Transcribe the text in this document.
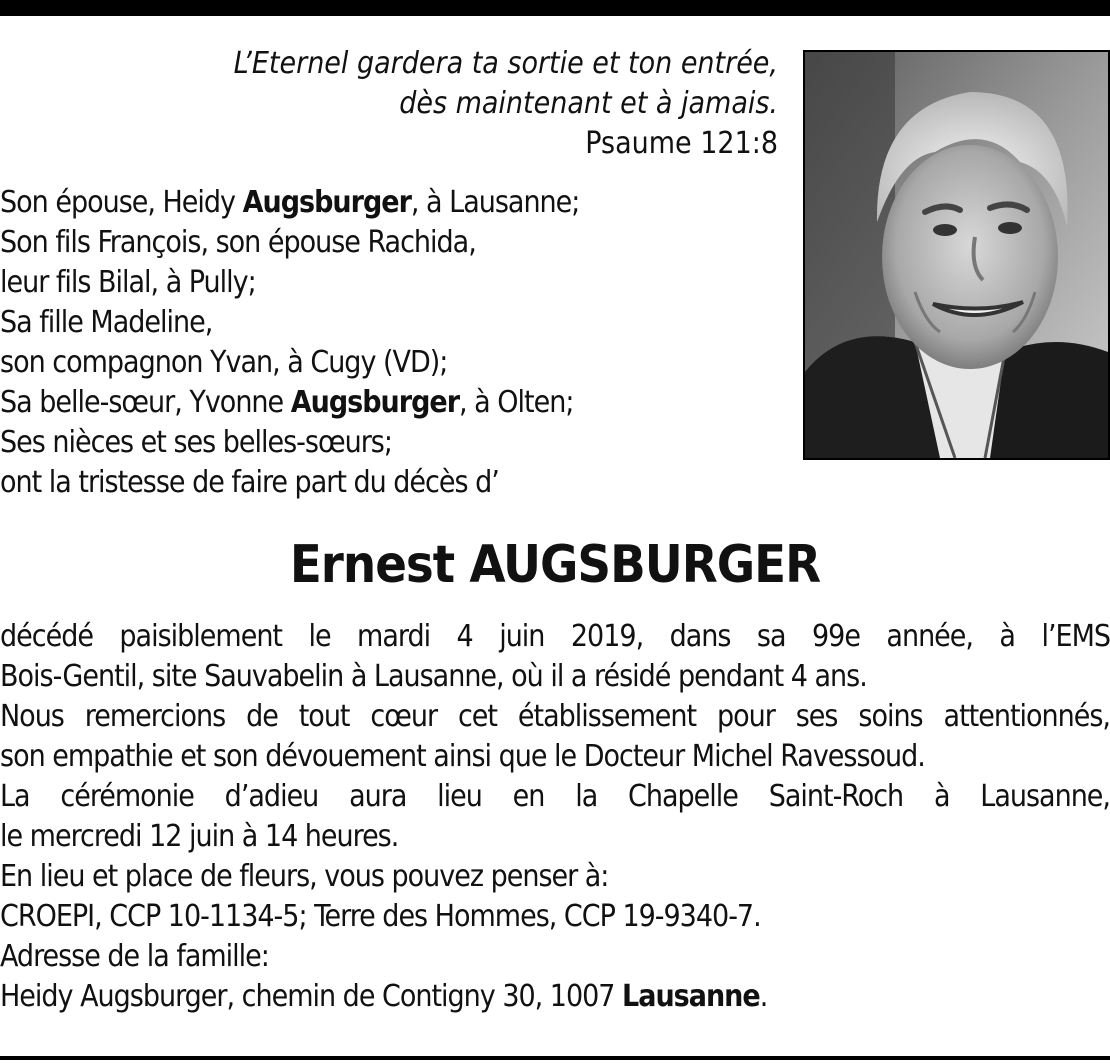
L’Eternel gardera ta sortie et ton entrée,
dès maintenant et à jamais.
Psaume 121:8
Son épouse, Heidy Augsburger, à Lausanne;
Son fils François, son épouse Rachida,
leur fils Bilal, à Pully;
Sa fille Madeline,
son compagnon Yvan, à Cugy (VD);
Sa belle-sœur, Yvonne Augsburger, à Olten;
Ses nièces et ses belles-sœurs;
ont la tristesse de faire part du décès d’
Ernest AUGSBURGER
décédé paisiblement le mardi 4 juin 2019, dans sa 99e année, à l’EMS
Bois-Gentil, site Sauvabelin à Lausanne, où il a résidé pendant 4 ans.
Nous remercions de tout cœur cet établissement pour ses soins attentionnés,
son empathie et son dévouement ainsi que le Docteur Michel Ravessoud.
La cérémonie d’adieu aura lieu en la Chapelle Saint-Roch à Lausanne,
le mercredi 12 juin à 14 heures.
En lieu et place de fleurs, vous pouvez penser à:
CROEPI, CCP 10-1134-5; Terre des Hommes, CCP 19-9340-7.
Adresse de la famille:
Heidy Augsburger, chemin de Contigny 30, 1007 Lausanne.
